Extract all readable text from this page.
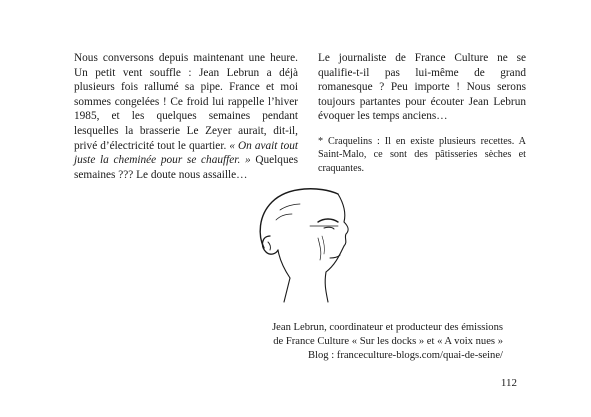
Nous conversons depuis maintenant une heure. Un petit vent souffle : Jean Lebrun a déjà plusieurs fois rallumé sa pipe. France et moi sommes congelées ! Ce froid lui rappelle l’hiver 1985, et les quelques semaines pendant lesquelles la brasserie Le Zeyer aurait, dit-il, privé d’électricité tout le quartier. « On avait tout juste la cheminée pour se chauffer. » Quelques semaines ??? Le doute nous assaille…

Le journaliste de France Culture ne se qualifie-t-il pas lui-même de grand romanesque ? Peu importe ! Nous serons toujours partantes pour écouter Jean Lebrun évoquer les temps anciens…

* Craquelins : Il en existe plusieurs recettes. A Saint-Malo, ce sont des pâtisseries sèches et craquantes.

Jean Lebrun, coordinateur et producteur des émissions
de France Culture « Sur les docks » et « A voix nues »
Blog : franceculture-blogs.com/quai-de-seine/
112
